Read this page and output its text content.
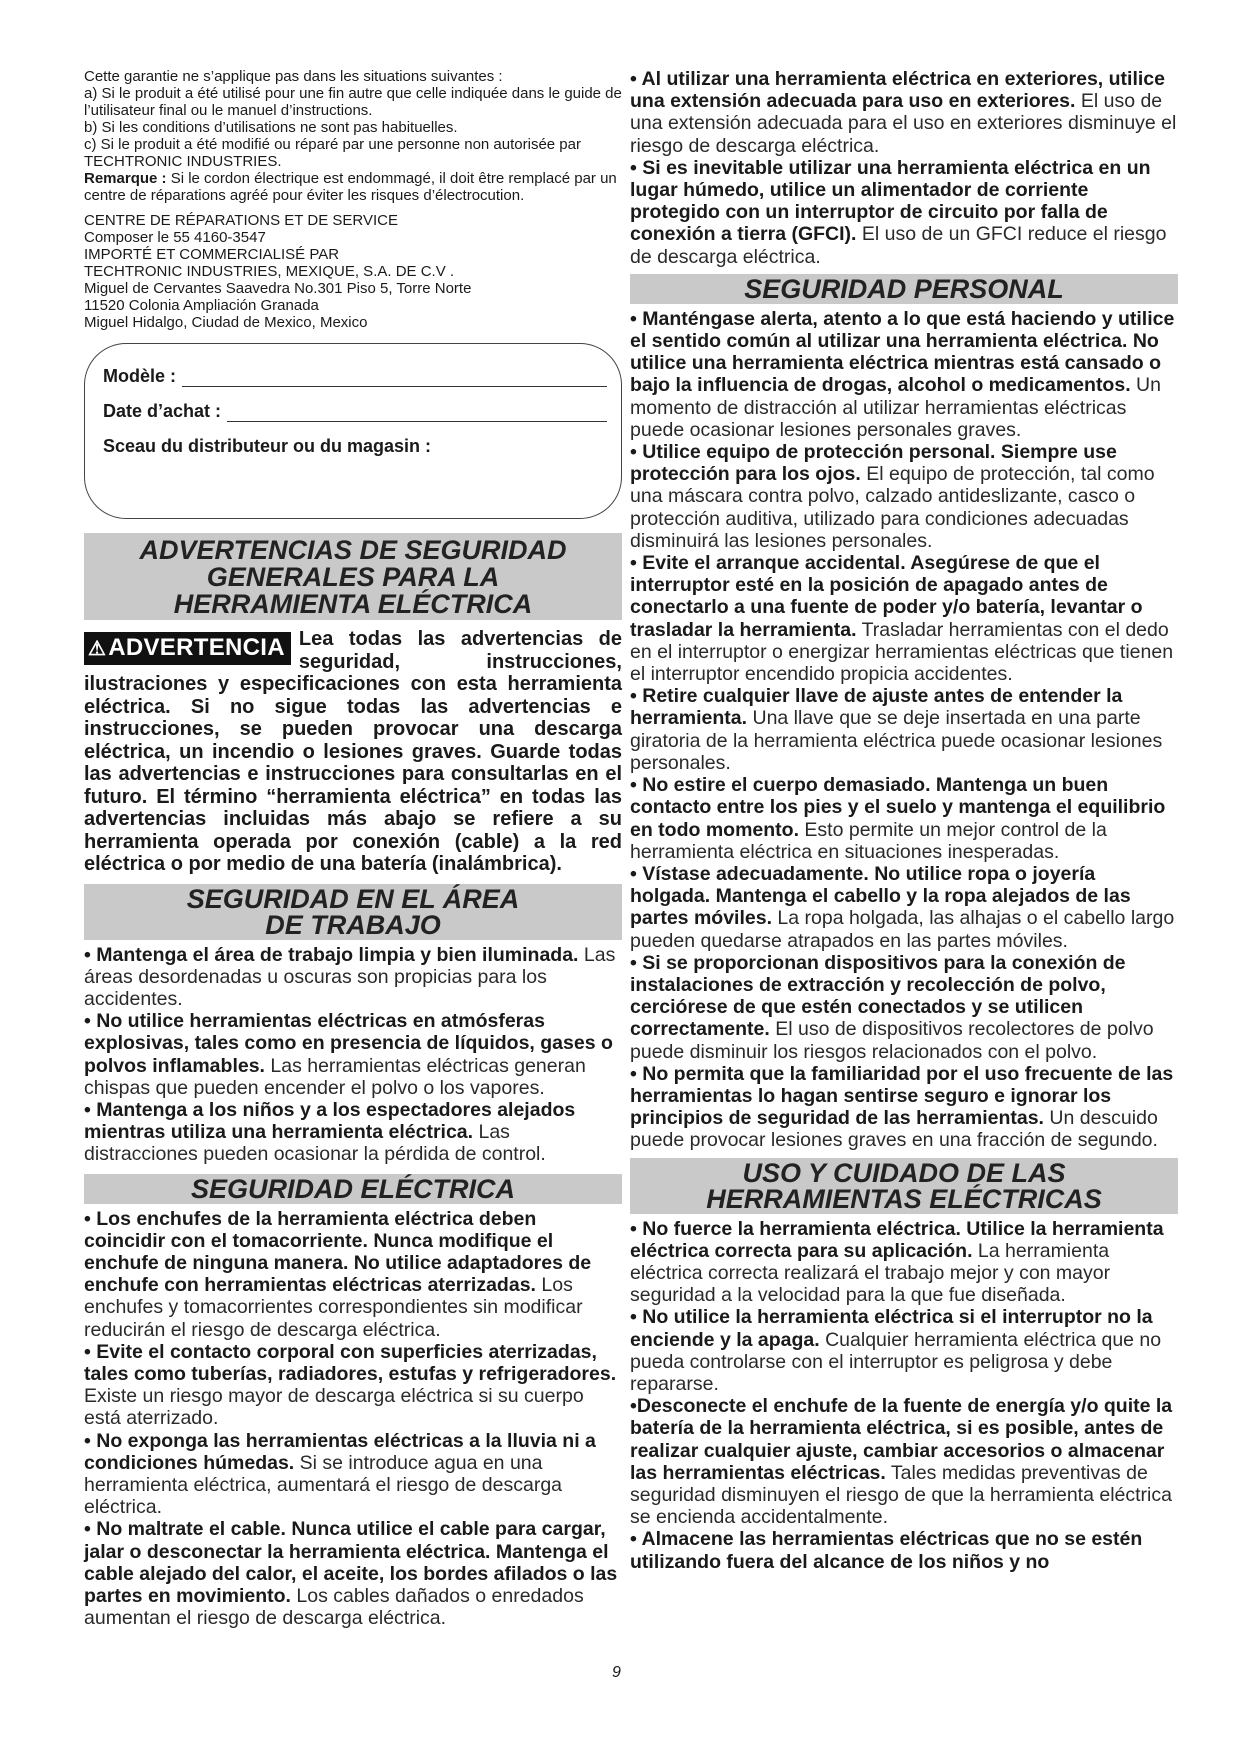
Cette garantie ne s’applique pas dans les situations suivantes :

a) Si le produit a été utilisé pour une fin autre que celle indiquée dans le guide de l’utilisateur final ou le manuel d’instructions.

b) Si les conditions d’utilisations ne sont pas habituelles.

c) Si le produit a été modifié ou réparé par une personne non autorisée par TECHTRONIC INDUSTRIES.

Remarque : Si le cordon électrique est endommagé, il doit être remplacé par un centre de réparations agréé pour éviter les risques d’électrocution.

CENTRE DE RÉPARATIONS ET DE SERVICE

Composer le 55 4160-3547

IMPORTÉ ET COMMERCIALISÉ PAR

TECHTRONIC INDUSTRIES, MEXIQUE, S.A. DE C.V .

Miguel de Cervantes Saavedra No.301 Piso 5, Torre Norte

11520 Colonia Ampliación Granada

Miguel Hidalgo, Ciudad de Mexico, Mexico

Modèle :
Date d’achat :
Sceau du distributeur ou du magasin :
ADVERTENCIAS DE SEGURIDAD
GENERALES PARA LA
HERRAMIENTA ELÉCTRICA
⚠ADVERTENCIA Lea todas las advertencias de seguridad, instrucciones, ilustraciones y especificaciones con esta herramienta eléctrica. Si no sigue todas las advertencias e instrucciones, se pueden provocar una descarga eléctrica, un incendio o lesiones graves. Guarde todas las advertencias e instrucciones para consultarlas en el futuro. El término “herramienta eléctrica” en todas las advertencias incluidas más abajo se refiere a su herramienta operada por conexión (cable) a la red eléctrica o por medio de una batería (inalámbrica).
SEGURIDAD EN EL ÁREA
DE TRABAJO

• Mantenga el área de trabajo limpia y bien iluminada. Las áreas desordenadas u oscuras son propicias para los accidentes.

• No utilice herramientas eléctricas en atmósferas explosivas, tales como en presencia de líquidos, gases o polvos inflamables. Las herramientas eléctricas generan chispas que pueden encender el polvo o los vapores.

• Mantenga a los niños y a los espectadores alejados mientras utiliza una herramienta eléctrica. Las distracciones pueden ocasionar la pérdida de control.

SEGURIDAD ELÉCTRICA

• Los enchufes de la herramienta eléctrica deben coincidir con el tomacorriente. Nunca modifique el enchufe de ninguna manera. No utilice adaptadores de enchufe con herramientas eléctricas aterrizadas. Los enchufes y tomacorrientes correspondientes sin modificar reducirán el riesgo de descarga eléctrica.

• Evite el contacto corporal con superficies aterrizadas, tales como tuberías, radiadores, estufas y refrigeradores. Existe un riesgo mayor de descarga eléctrica si su cuerpo está aterrizado.

• No exponga las herramientas eléctricas a la lluvia ni a condiciones húmedas. Si se introduce agua en una herramienta eléctrica, aumentará el riesgo de descarga eléctrica.

• No maltrate el cable. Nunca utilice el cable para cargar, jalar o desconectar la herramienta eléctrica. Mantenga el cable alejado del calor, el aceite, los bordes afilados o las partes en movimiento. Los cables dañados o enredados aumentan el riesgo de descarga eléctrica.

• Al utilizar una herramienta eléctrica en exteriores, utilice una extensión adecuada para uso en exteriores. El uso de una extensión adecuada para el uso en exteriores disminuye el riesgo de descarga eléctrica.

• Si es inevitable utilizar una herramienta eléctrica en un lugar húmedo, utilice un alimentador de corriente protegido con un interruptor de circuito por falla de conexión a tierra (GFCI). El uso de un GFCI reduce el riesgo de descarga eléctrica.

SEGURIDAD PERSONAL

• Manténgase alerta, atento a lo que está haciendo y utilice el sentido común al utilizar una herramienta eléctrica. No utilice una herramienta eléctrica mientras está cansado o bajo la influencia de drogas, alcohol o medicamentos. Un momento de distracción al utilizar herramientas eléctricas puede ocasionar lesiones personales graves.

• Utilice equipo de protección personal. Siempre use protección para los ojos. El equipo de protección, tal como una máscara contra polvo, calzado antideslizante, casco o protección auditiva, utilizado para condiciones adecuadas disminuirá las lesiones personales.

• Evite el arranque accidental. Asegúrese de que el interruptor esté en la posición de apagado antes de conectarlo a una fuente de poder y/o batería, levantar o trasladar la herramienta. Trasladar herramientas con el dedo en el interruptor o energizar herramientas eléctricas que tienen el interruptor encendido propicia accidentes.

• Retire cualquier llave de ajuste antes de entender la herramienta. Una llave que se deje insertada en una parte giratoria de la herramienta eléctrica puede ocasionar lesiones personales.

• No estire el cuerpo demasiado. Mantenga un buen contacto entre los pies y el suelo y mantenga el equilibrio en todo momento. Esto permite un mejor control de la herramienta eléctrica en situaciones inesperadas.

• Vístase adecuadamente. No utilice ropa o joyería holgada. Mantenga el cabello y la ropa alejados de las partes móviles. La ropa holgada, las alhajas o el cabello largo pueden quedarse atrapados en las partes móviles.

• Si se proporcionan dispositivos para la conexión de instalaciones de extracción y recolección de polvo, cerciórese de que estén conectados y se utilicen correctamente. El uso de dispositivos recolectores de polvo puede disminuir los riesgos relacionados con el polvo.

• No permita que la familiaridad por el uso frecuente de las herramientas lo hagan sentirse seguro e ignorar los principios de seguridad de las herramientas. Un descuido puede provocar lesiones graves en una fracción de segundo.

USO Y CUIDADO DE LAS
HERRAMIENTAS ELÉCTRICAS

• No fuerce la herramienta eléctrica. Utilice la herramienta eléctrica correcta para su aplicación. La herramienta eléctrica correcta realizará el trabajo mejor y con mayor seguridad a la velocidad para la que fue diseñada.

• No utilice la herramienta eléctrica si el interruptor no la enciende y la apaga. Cualquier herramienta eléctrica que no pueda controlarse con el interruptor es peligrosa y debe repararse.

•Desconecte el enchufe de la fuente de energía y/o quite la batería de la herramienta eléctrica, si es posible, antes de realizar cualquier ajuste, cambiar accesorios o almacenar las herramientas eléctricas. Tales medidas preventivas de seguridad disminuyen el riesgo de que la herramienta eléctrica se encienda accidentalmente.

• Almacene las herramientas eléctricas que no se estén utilizando fuera del alcance de los niños y no

9
